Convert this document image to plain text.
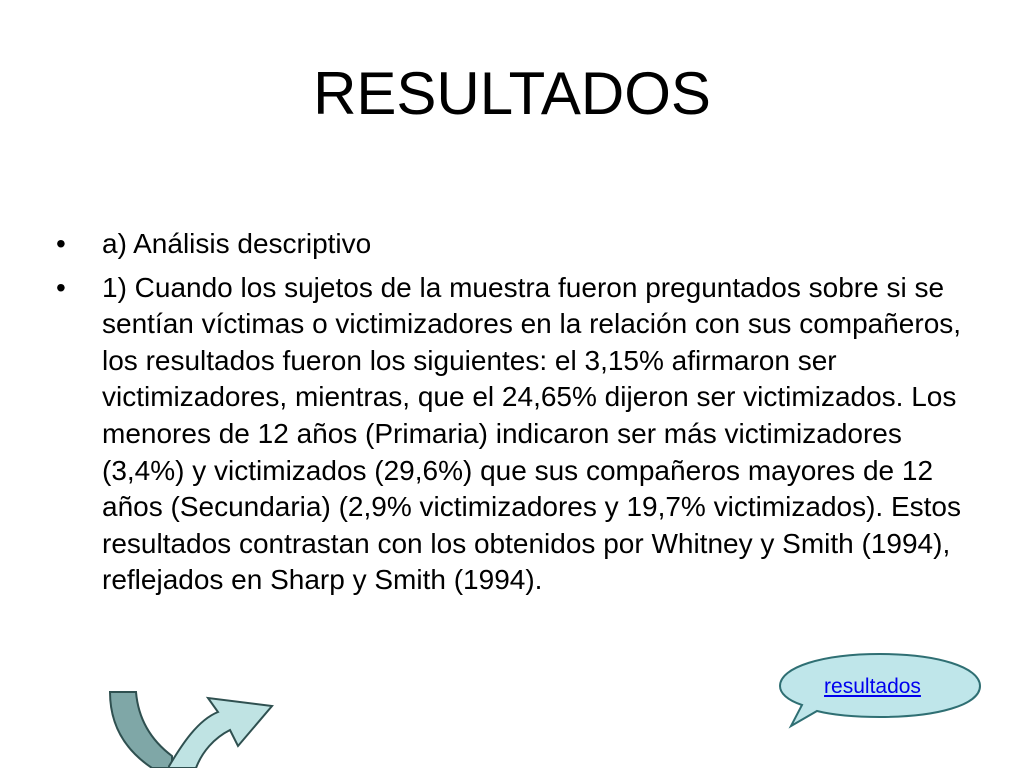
RESULTADOS
• a) Análisis descriptivo
• 1) Cuando los sujetos de la muestra fueron preguntados sobre si se sentían víctimas o victimizadores en la relación con sus compañeros, los resultados fueron los siguientes: el 3,15% afirmaron ser victimizadores, mientras, que el 24,65% dijeron ser victimizados. Los menores de 12 años (Primaria) indicaron ser más victimizadores (3,4%) y victimizados (29,6%) que sus compañeros mayores de 12 años (Secundaria) (2,9% victimizadores y 19,7% victimizados). Estos resultados contrastan con los obtenidos por Whitney y Smith (1994), reflejados en Sharp y Smith (1994).
resultados
